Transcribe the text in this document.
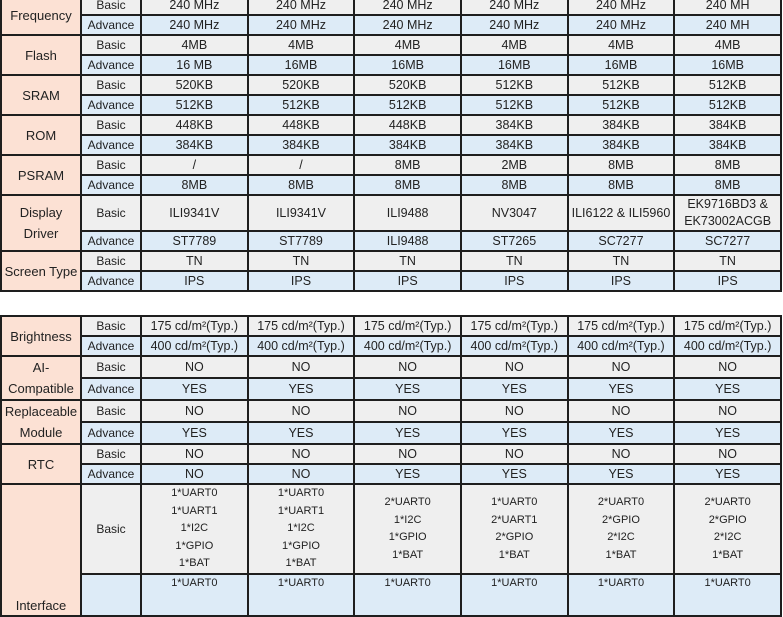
Frequency	Basic	240 MHz	240 MHz	240 MHz	240 MHz	240 MHz	240 MH
	Advance	240 MHz	240 MHz	240 MHz	240 MHz	240 MHz	240 MH
Flash	Basic	4MB	4MB	4MB	4MB	4MB	4MB
	Advance	16 MB	16MB	16MB	16MB	16MB	16MB
SRAM	Basic	520KB	520KB	520KB	512KB	512KB	512KB
	Advance	512KB	512KB	512KB	512KB	512KB	512KB
ROM	Basic	448KB	448KB	448KB	384KB	384KB	384KB
	Advance	384KB	384KB	384KB	384KB	384KB	384KB
PSRAM	Basic	/	/	8MB	2MB	8MB	8MB
	Advance	8MB	8MB	8MB	8MB	8MB	8MB
Display Driver	Basic	ILI9341V	ILI9341V	ILI9488	NV3047	ILI6122 & ILI5960	EK9716BD3 & EK73002ACGB
	Advance	ST7789	ST7789	ILI9488	ST7265	SC7277	SC7277
Screen Type	Basic	TN	TN	TN	TN	TN	TN
	Advance	IPS	IPS	IPS	IPS	IPS	IPS
Brightness	Basic	175 cd/m²(Typ.)	175 cd/m²(Typ.)	175 cd/m²(Typ.)	175 cd/m²(Typ.)	175 cd/m²(Typ.)	175 cd/m²(Typ.)
	Advance	400 cd/m²(Typ.)	400 cd/m²(Typ.)	400 cd/m²(Typ.)	400 cd/m²(Typ.)	400 cd/m²(Typ.)	400 cd/m²(Typ.)
AI-Compatible	Basic	NO	NO	NO	NO	NO	NO
	Advance	YES	YES	YES	YES	YES	YES
Replaceable Module	Basic	NO	NO	NO	NO	NO	NO
	Advance	YES	YES	YES	YES	YES	YES
RTC	Basic	NO	NO	NO	NO	NO	NO
	Advance	NO	NO	YES	YES	YES	YES
Interface	Basic	1*UART0
1*UART1
1*I2C
1*GPIO
1*BAT	1*UART0
1*UART1
1*I2C
1*GPIO
1*BAT	2*UART0
1*I2C
1*GPIO
1*BAT	1*UART0
2*UART1
2*GPIO
1*BAT	2*UART0
2*GPIO
2*I2C
1*BAT	2*UART0
2*GPIO
2*I2C
1*BAT

		1*UART0	1*UART0	1*UART0	1*UART0	1*UART0	1*UART0
